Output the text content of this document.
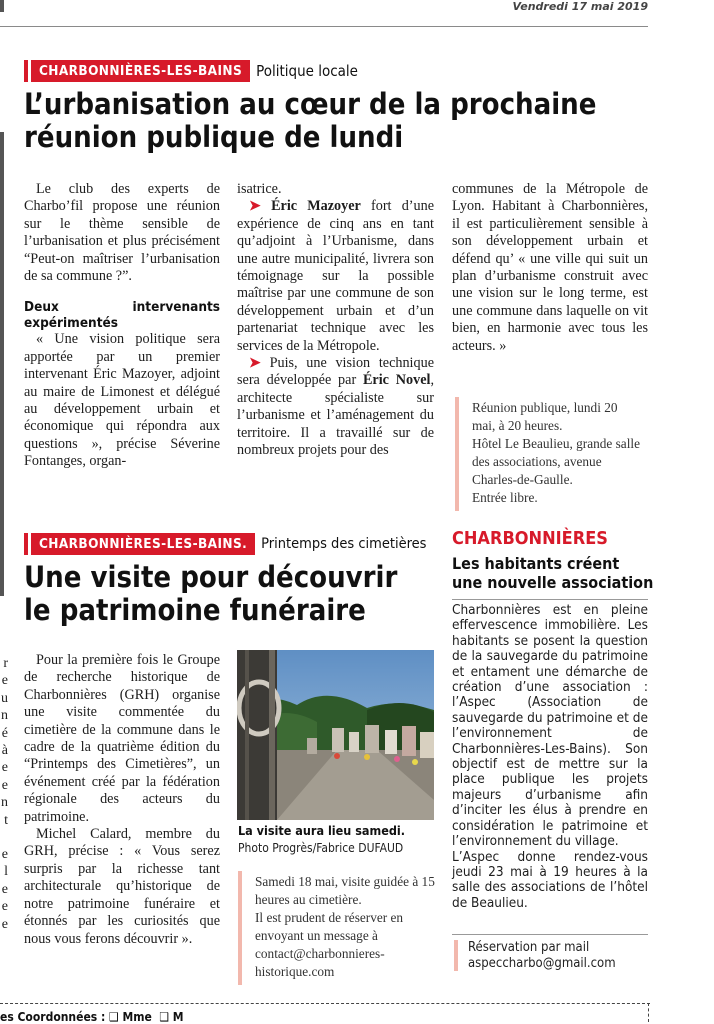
Vendredi 17 mai 2019
CHARBONNIÈRES-LES-BAINS Politique locale
L’urbanisation au cœur de la prochaine
réunion publique de lundi

Le club des experts de Charbo’fil propose une réunion sur le thème sensible de l’urbanisation et plus précisément “Peut-on maîtriser l’urbanisation de sa commune ?”.

Deux intervenants expérimentés

« Une vision politique sera apportée par un premier intervenant Éric Mazoyer, adjoint au maire de Limonest et délégué au développement urbain et économique qui répondra aux questions », précise Séverine Fontanges, organ-

isatrice.

➤ Éric Mazoyer fort d’une expérience de cinq ans en tant qu’adjoint à l’Urbanisme, dans une autre municipalité, livrera son témoignage sur la possible maîtrise par une commune de son développement urbain et d’un partenariat technique avec les services de la Métropole.

➤ Puis, une vision technique sera développée par Éric Novel, architecte spécialiste sur l’urbanisme et l’aménagement du territoire. Il a travaillé sur de nombreux projets pour des

communes de la Métropole de Lyon. Habitant à Charbonnières, il est particulièrement sensible à son développement urbain et défend qu’ « une ville qui suit un plan d’urbanisme construit avec une vision sur le long terme, est une commune dans laquelle on vit bien, en harmonie avec tous les acteurs. »

Réunion publique, lundi 20 mai, à 20 heures.

Hôtel Le Beaulieu, grande salle des associations, avenue Charles-de-Gaulle.

Entrée libre.

CHARBONNIÈRES-LES-BAINS. Printemps des cimetières
Une visite pour découvrir
le patrimoine funéraire

Pour la première fois le Groupe de recherche historique de Charbonnières (GRH) organise une visite commentée du cimetière de la commune dans le cadre de la quatrième édition du “Printemps des Cimetières”, un événement créé par la fédération régionale des acteurs du patrimoine.

Michel Calard, membre du GRH, précise : « Vous serez surpris par la richesse tant architecturale qu’historique de notre patrimoine funéraire et étonnés par les curiosités que nous vous ferons découvrir ».

La visite aura lieu samedi.
Photo Progrès/Fabrice DUFAUD

Samedi 18 mai, visite guidée à 15 heures au cimetière.

Il est prudent de réserver en envoyant un message à contact@charbonnieres-historique.com

CHARBONNIÈRES
Les habitants créent
une nouvelle association
Charbonnières est en pleine effervescence immobilière. Les habitants se posent la question de la sauvegarde du patrimoine et entament une démarche de création d’une association : l’Aspec (Association de sauvegarde du patrimoine et de l’environnement de Charbonnières-Les-Bains). Son objectif est de mettre sur la place publique les projets majeurs d’urbanisme afin d’inciter les élus à prendre en considération le patrimoine et l’environnement du village.
L’Aspec donne rendez-vous jeudi 23 mai à 19 heures à la salle des associations de l’hôtel de Beaulieu.
Réservation par mail
aspeccharbo@gmail.com
r
e
u
n
é
à
e
e
n
t
e
l
e
e
e
es Coordonnées : ❑ Mme ❑ M
